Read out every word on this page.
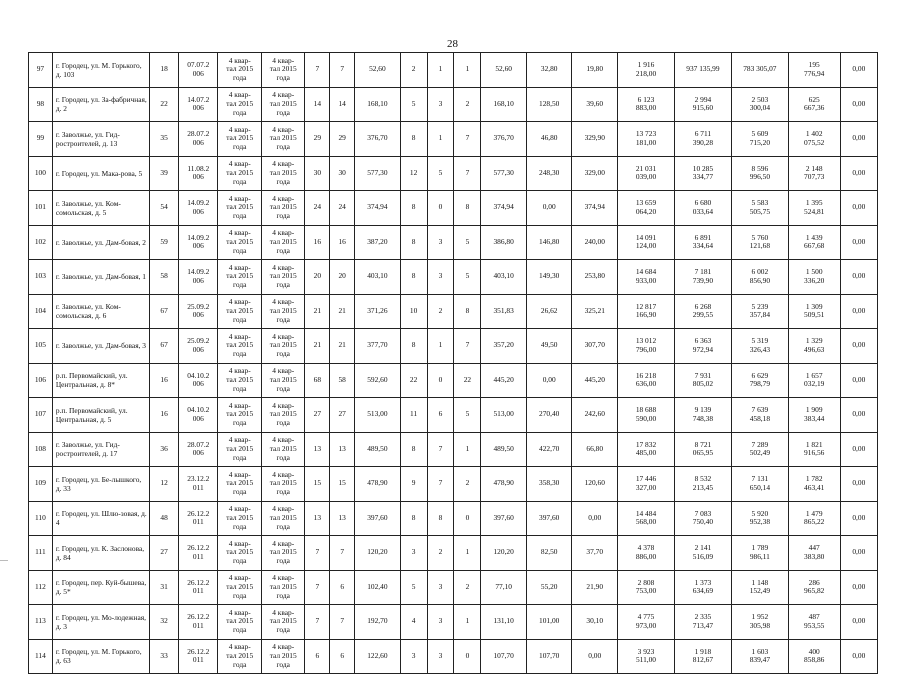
28
97	г. Городец, ул. М. Горького, д. 103	18	07.07.2
006	4 квар-
тал 2015
года	4 квар-
тал 2015
года	7	7	52,60	2	1	1	52,60	32,80	19,80	1 916
218,00	937 135,99	783 305,07	195
776,94	0,00
98	г. Городец, ул. За-фабричная, д. 2	22	14.07.2
006	4 квар-
тал 2015
года	4 квар-
тал 2015
года	14	14	168,10	5	3	2	168,10	128,50	39,60	6 123
883,00	2 994
915,60	2 503
300,04	625
667,36	0,00
99	г. Заволжье, ул. Гид-ростроителей, д. 13	35	28.07.2
006	4 квар-
тал 2015
года	4 квар-
тал 2015
года	29	29	376,70	8	1	7	376,70	46,80	329,90	13 723
181,00	6 711
390,28	5 609
715,20	1 402
075,52	0,00
100	г. Городец, ул. Мака-рова, 5	39	11.08.2
006	4 квар-
тал 2015
года	4 квар-
тал 2015
года	30	30	577,30	12	5	7	577,30	248,30	329,00	21 031
039,00	10 285
334,77	8 596
996,50	2 148
707,73	0,00
101	г. Заволжье, ул. Ком-сомольская, д. 5	54	14.09.2
006	4 квар-
тал 2015
года	4 квар-
тал 2015
года	24	24	374,94	8	0	8	374,94	0,00	374,94	13 659
064,20	6 680
033,64	5 583
505,75	1 395
524,81	0,00
102	г. Заволжье, ул. Дам-бовая, 2	59	14.09.2
006	4 квар-
тал 2015
года	4 квар-
тал 2015
года	16	16	387,20	8	3	5	386,80	146,80	240,00	14 091
124,00	6 891
334,64	5 760
121,68	1 439
667,68	0,00
103	г. Заволжье, ул. Дам-бовая, 1	58	14.09.2
006	4 квар-
тал 2015
года	4 квар-
тал 2015
года	20	20	403,10	8	3	5	403,10	149,30	253,80	14 684
933,00	7 181
739,90	6 002
856,90	1 500
336,20	0,00
104	г. Заволжье, ул. Ком-сомольская, д. 6	67	25.09.2
006	4 квар-
тал 2015
года	4 квар-
тал 2015
года	21	21	371,26	10	2	8	351,83	26,62	325,21	12 817
166,90	6 268
299,55	5 239
357,84	1 309
509,51	0,00
105	г. Заволжье, ул. Дам-бовая, 3	67	25.09.2
006	4 квар-
тал 2015
года	4 квар-
тал 2015
года	21	21	377,70	8	1	7	357,20	49,50	307,70	13 012
796,00	6 363
972,94	5 319
326,43	1 329
496,63	0,00
106	р.п. Первомайский, ул. Центральная, д. 8*	16	04.10.2
006	4 квар-
тал 2015
года	4 квар-
тал 2015
года	68	58	592,60	22	0	22	445,20	0,00	445,20	16 218
636,00	7 931
805,02	6 629
798,79	1 657
032,19	0,00
107	р.п. Первомайский, ул. Центральная, д. 5	16	04.10.2
006	4 квар-
тал 2015
года	4 квар-
тал 2015
года	27	27	513,00	11	6	5	513,00	270,40	242,60	18 688
590,00	9 139
748,38	7 639
458,18	1 909
383,44	0,00
108	г. Заволжье, ул. Гид-ростроителей, д. 17	36	28.07.2
006	4 квар-
тал 2015
года	4 квар-
тал 2015
года	13	13	489,50	8	7	1	489,50	422,70	66,80	17 832
485,00	8 721
065,95	7 289
502,49	1 821
916,56	0,00
109	г. Городец, ул. Бе-лышкого, д. 33	12	23.12.2
011	4 квар-
тал 2015
года	4 квар-
тал 2015
года	15	15	478,90	9	7	2	478,90	358,30	120,60	17 446
327,00	8 532
213,45	7 131
650,14	1 782
463,41	0,00
110	г. Городец, ул. Шлю-зовая, д. 4	48	26.12.2
011	4 квар-
тал 2015
года	4 квар-
тал 2015
года	13	13	397,60	8	8	0	397,60	397,60	0,00	14 484
568,00	7 083
750,40	5 920
952,38	1 479
865,22	0,00
111	г. Городец, ул. К. Заслонова, д. 84	27	26.12.2
011	4 квар-
тал 2015
года	4 квар-
тал 2015
года	7	7	120,20	3	2	1	120,20	82,50	37,70	4 378
886,00	2 141
516,09	1 789
986,11	447
383,80	0,00
112	г. Городец, пер. Куй-бышева, д. 5*	31	26.12.2
011	4 квар-
тал 2015
года	4 квар-
тал 2015
года	7	6	102,40	5	3	2	77,10	55,20	21,90	2 808
753,00	1 373
634,69	1 148
152,49	286
965,82	0,00
113	г. Городец, ул. Мо-лодежная, д. 3	32	26.12.2
011	4 квар-
тал 2015
года	4 квар-
тал 2015
года	7	7	192,70	4	3	1	131,10	101,00	30,10	4 775
973,00	2 335
713,47	1 952
305,98	487
953,55	0,00
114	г. Городец, ул. М. Горького, д. 63	33	26.12.2
011	4 квар-
тал 2015
года	4 квар-
тал 2015
года	6	6	122,60	3	3	0	107,70	107,70	0,00	3 923
511,00	1 918
812,67	1 603
839,47	400
858,86	0,00
